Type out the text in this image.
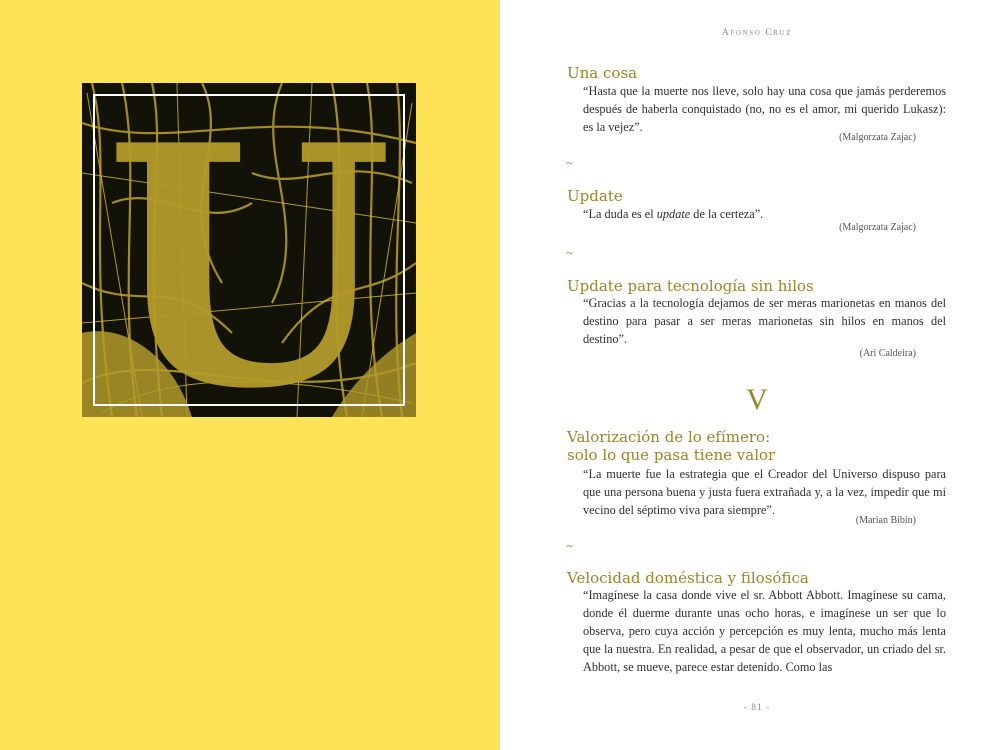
U
Afonso Cruz
Una cosa

“Hasta que la muerte nos lleve, solo hay una cosa que jamás perderemos después de haberla conquistado (no, no es el amor, mi querido Lukasz): es la vejez”.

(Malgorzata Zajac)

~

Update

“La duda es el update de la certeza”.

(Malgorzata Zajac)

~

Update para tecnología sin hilos

“Gracias a la tecnología dejamos de ser meras marionetas en manos del destino para pasar a ser meras marionetas sin hilos en manos del destino”.

(Ari Caldeira)

V

Valorización de lo efímero:
solo lo que pasa tiene valor

“La muerte fue la estrategia que el Creador del Universo dispuso para que una persona buena y justa fuera extrañada y, a la vez, impedir que mi vecino del séptimo viva para siempre”.

(Marian Bibin)

~

Velocidad doméstica y filosófica

“Imagínese la casa donde vive el sr. Abbott Abbott. Imagínese su cama, donde él duerme durante unas ocho horas, e imagínese un ser que lo observa, pero cuya acción y percepción es muy lenta, mucho más lenta que la nuestra. En realidad, a pesar de que el observador, un criado del sr. Abbott, se mueve, parece estar detenido. Como las

- 81 -
